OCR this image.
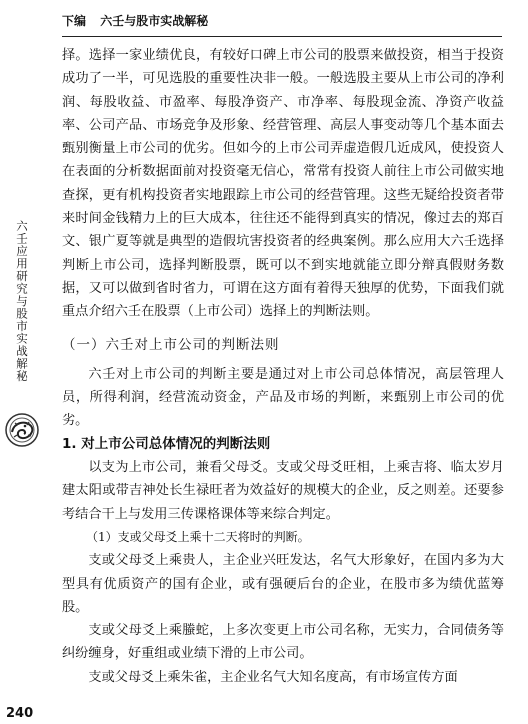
下编 六壬与股市实战解秘
六壬应用研究与股市实战解秘

择。选择一家业绩优良，有较好口碑上市公司的股票来做投资，相当于投资成功了一半，可见选股的重要性决非一般。一般选股主要从上市公司的净利润、每股收益、市盈率、每股净资产、市净率、每股现金流、净资产收益率、公司产品、市场竞争及形象、经营管理、高层人事变动等几个基本面去甄别衡量上市公司的优劣。但如今的上市公司弄虚造假几近成风，使投资人在表面的分析数据面前对投资毫无信心，常常有投资人前往上市公司做实地查探，更有机构投资者实地跟踪上市公司的经营管理。这些无疑给投资者带来时间金钱精力上的巨大成本，往往还不能得到真实的情况，像过去的郑百文、银广夏等就是典型的造假坑害投资者的经典案例。那么应用大六壬选择判断上市公司，选择判断股票，既可以不到实地就能立即分辩真假财务数据，又可以做到省时省力，可谓在这方面有着得天独厚的优势，下面我们就重点介绍六壬在股票（上市公司）选择上的判断法则。

（一）六壬对上市公司的判断法则

六壬对上市公司的判断主要是通过对上市公司总体情况，高层管理人员，所得利润，经营流动资金，产品及市场的判断，来甄别上市公司的优劣。

1. 对上市公司总体情况的判断法则

以支为上市公司，兼看父母爻。支或父母爻旺相，上乘吉将、临太岁月建太阳或带吉神处长生禄旺者为效益好的规模大的企业，反之则差。还要参考结合干上与发用三传课格课体等来综合判定。

（1）支或父母爻上乘十二天将时的判断。

支或父母爻上乘贵人，主企业兴旺发达，名气大形象好，在国内多为大型具有优质资产的国有企业，或有强硬后台的企业，在股市多为绩优蓝筹股。

支或父母爻上乘螣蛇，上多次变更上市公司名称，无实力，合同债务等纠纷缠身，好重组或业绩下滑的上市公司。

支或父母爻上乘朱雀，主企业名气大知名度高，有市场宣传方面

240
